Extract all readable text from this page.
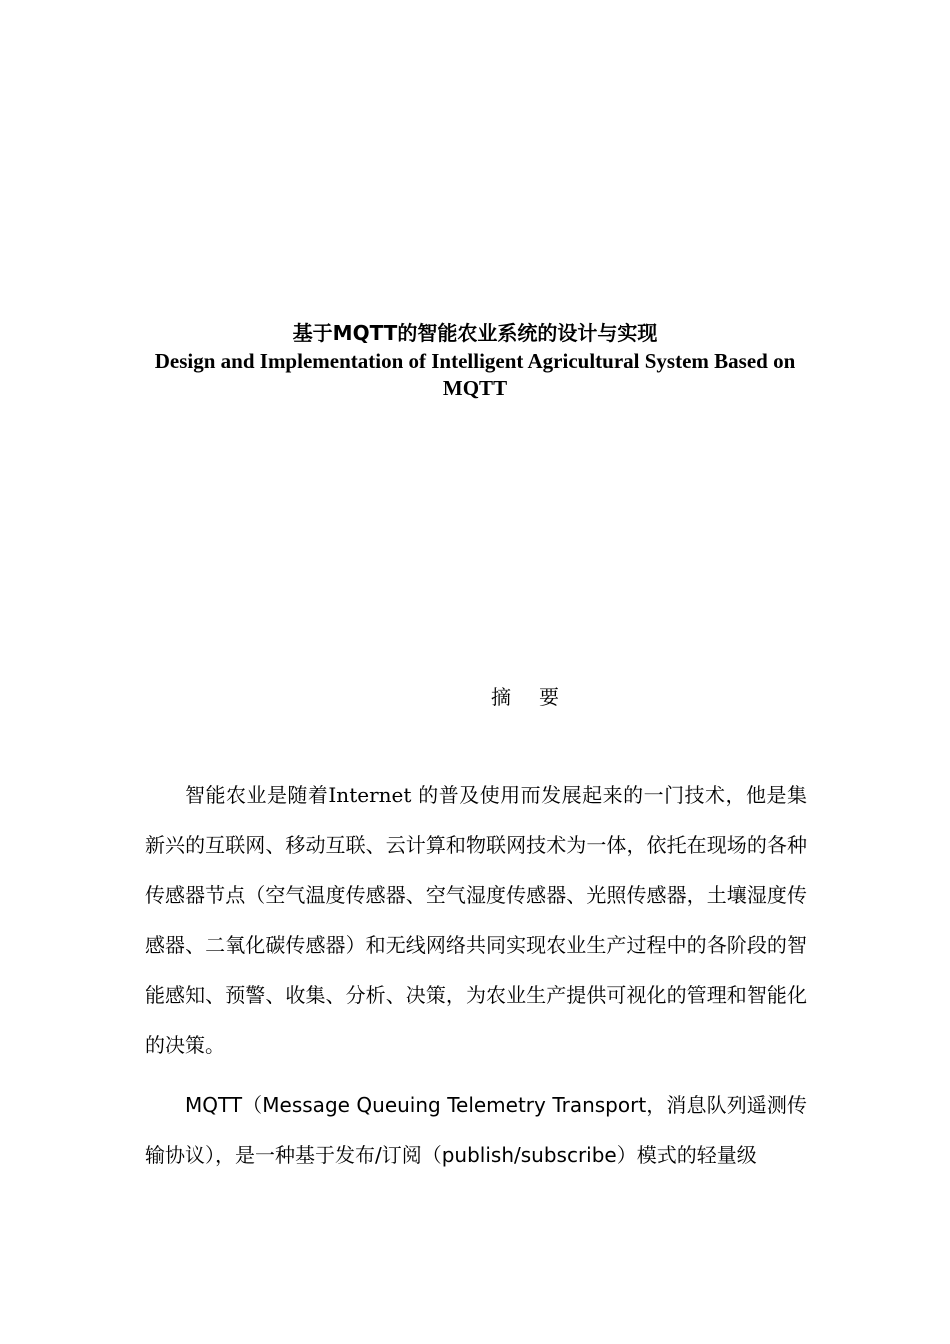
基于MQTT的智能农业系统的设计与实现

Design and Implementation of Intelligent Agricultural System Based on MQTT

摘 要

智能农业是随着Internet 的普及使用而发展起来的一门技术，他是集新兴的互联网、移动互联、云计算和物联网技术为一体，依托在现场的各种传感器节点（空气温度传感器、空气湿度传感器、光照传感器，土壤湿度传感器、二氧化碳传感器）和无线网络共同实现农业生产过程中的各阶段的智能感知、预警、收集、分析、决策，为农业生产提供可视化的管理和智能化的决策。

MQTT（Message Queuing Telemetry Transport，消息队列遥测传输协议），是一种基于发布/订阅（publish/subscribe）模式的轻量级
